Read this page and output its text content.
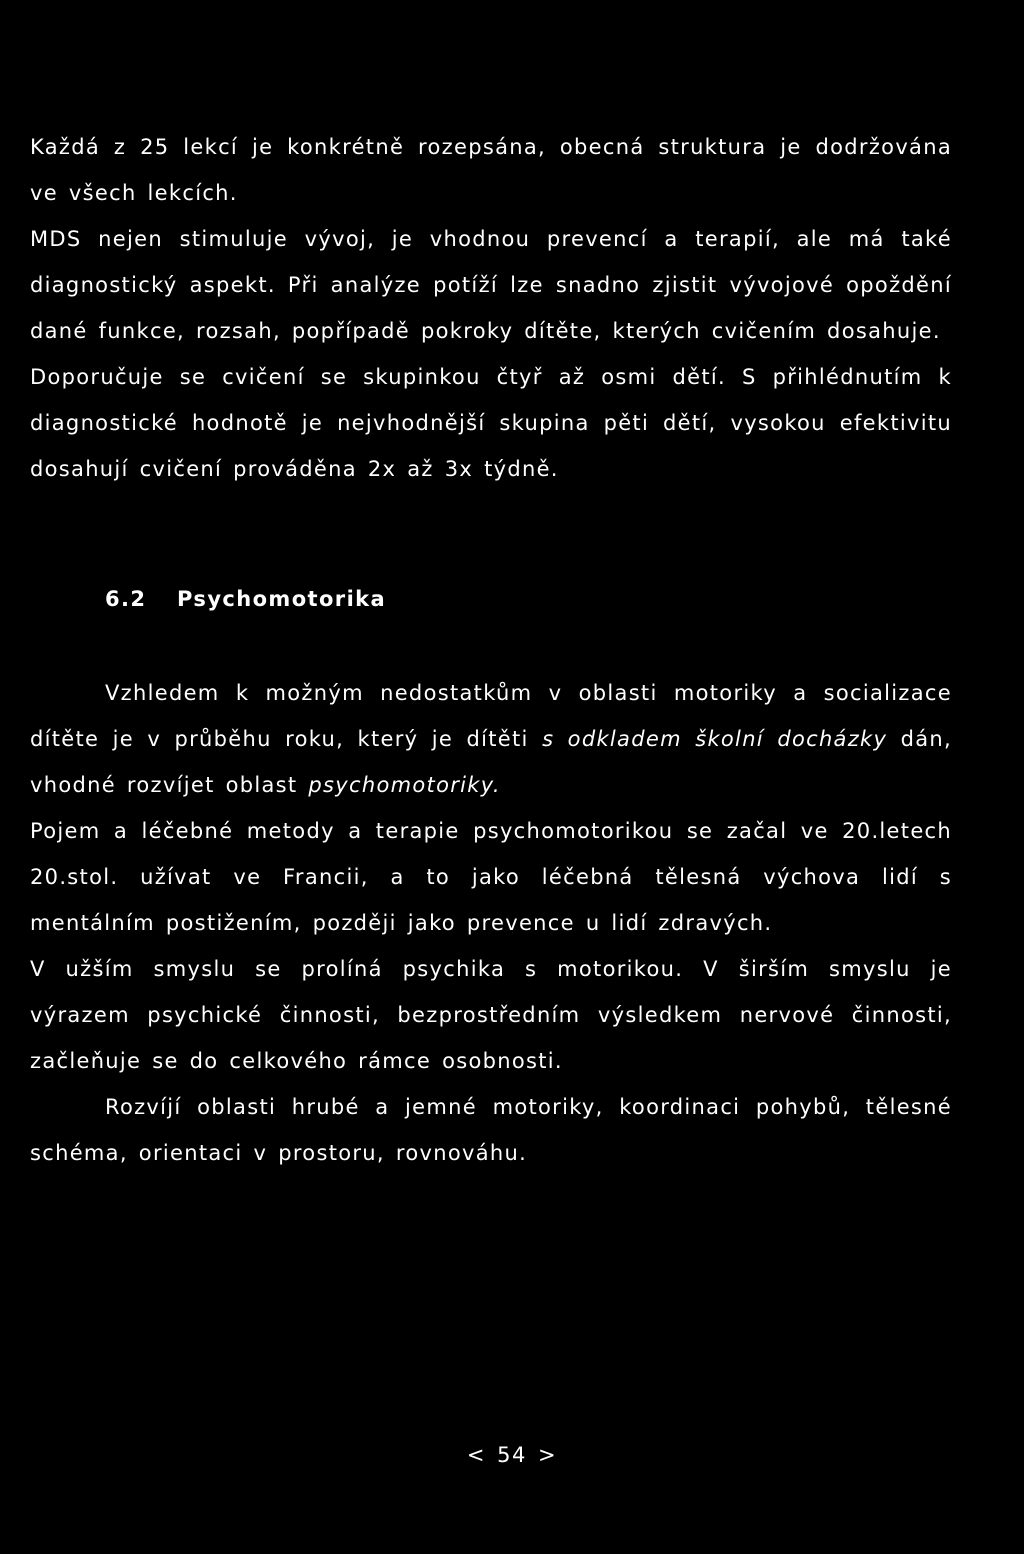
Každá z 25 lekcí je konkrétně rozepsána, obecná struktura je dodržována ve všech lekcích.

MDS nejen stimuluje vývoj, je vhodnou prevencí a terapií, ale má také diagnostický aspekt. Při analýze potíží lze snadno zjistit vývojové opoždění dané funkce, rozsah, popřípadě pokroky dítěte, kterých cvičením dosahuje.

Doporučuje se cvičení se skupinkou čtyř až osmi dětí. S přihlédnutím k diagnostické hodnotě je nejvhodnější skupina pěti dětí, vysokou efektivitu dosahují cvičení prováděna 2x až 3x týdně.

6.2 Psychomotorika

Vzhledem k možným nedostatkům v oblasti motoriky a socializace dítěte je v průběhu roku, který je dítěti s odkladem školní docházky dán, vhodné rozvíjet oblast psychomotoriky.

Pojem a léčebné metody a terapie psychomotorikou se začal ve 20.letech 20.stol. užívat ve Francii, a to jako léčebná tělesná výchova lidí s mentálním postižením, později jako prevence u lidí zdravých.

V užším smyslu se prolíná psychika s motorikou. V širším smyslu je výrazem psychické činnosti, bezprostředním výsledkem nervové činnosti, začleňuje se do celkového rámce osobnosti.

Rozvíjí oblasti hrubé a jemné motoriky, koordinaci pohybů, tělesné schéma, orientaci v prostoru, rovnováhu.

< 54 >
